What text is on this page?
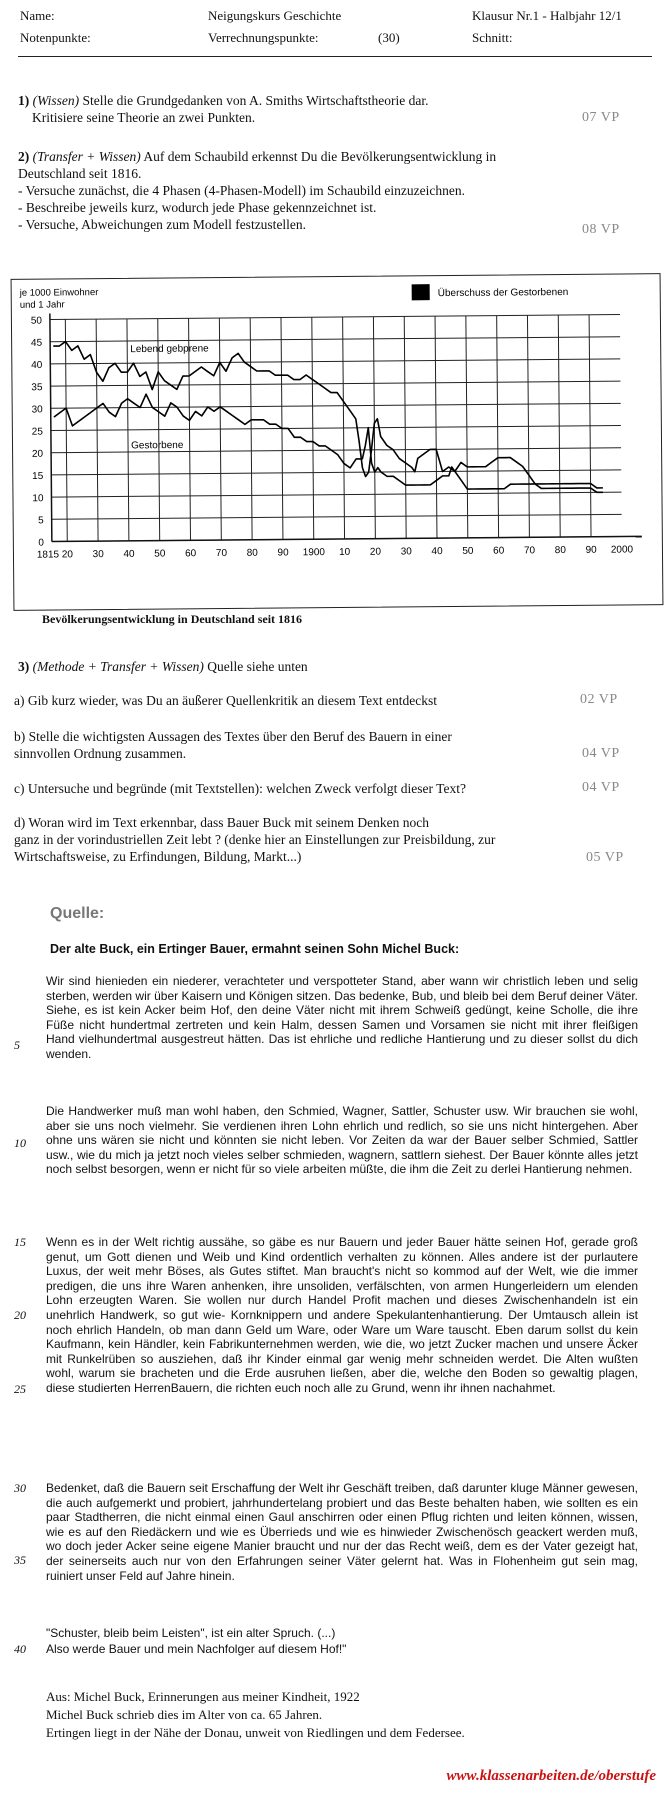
Name:	Neigungskurs Geschichte	Klausur Nr.1 - Halbjahr 12/1
Notenpunkte:	Verrechnungspunkte:	(30)	Schnitt:
1) (Wissen) Stelle die Grundgedanken von A. Smiths Wirtschaftstheorie dar.
Kritisiere seine Theorie an zwei Punkten.	07 VP
2) (Transfer + Wissen) Auf dem Schaubild erkennst Du die Bevölkerungsentwicklung in
Deutschland seit 1816.
- Versuche zunächst, die 4 Phasen (4-Phasen-Modell) im Schaubild einzuzeichnen.
- Beschreibe jeweils kurz, wodurch jede Phase gekennzeichnet ist.
- Versuche, Abweichungen zum Modell festzustellen.	08 VP
0
5
10
15
20
25
30
35
40
45
50
1815 20 30 40 50 60 70 80 90 1900 10 20 30 40 50 60 70 80 90 2000
je 1000 Einwohner
und 1 Jahr
Überschuss der Gestorbenen
Lebend gebprene
Gestorbene
Bevölkerungsentwicklung in Deutschland seit 1816
3) (Methode + Transfer + Wissen) Quelle siehe unten
a) Gib kurz wieder, was Du an äußerer Quellenkritik an diesem Text entdeckst	02 VP
b) Stelle die wichtigsten Aussagen des Textes über den Beruf des Bauern in einer
sinnvollen Ordnung zusammen.	04 VP
c) Untersuche und begründe (mit Textstellen): welchen Zweck verfolgt dieser Text?	04 VP
d) Woran wird im Text erkennbar, dass Bauer Buck mit seinem Denken noch
ganz in der vorindustriellen Zeit lebt ? (denke hier an Einstellungen zur Preisbildung, zur
Wirtschaftsweise, zu Erfindungen, Bildung, Markt...)	05 VP
Quelle:
Der alte Buck, ein Ertinger Bauer, ermahnt seinen Sohn Michel Buck:

Wir sind hienieden ein niederer, verachteter und verspotteter Stand, aber wann wir christlich leben und selig sterben, werden wir über Kaisern und Königen sitzen. Das bedenke, Bub, und bleib bei dem Beruf deiner Väter. Siehe, es ist kein Acker beim Hof, den deine Väter nicht mit ihrem Schweiß gedüngt, keine Scholle, die ihre Füße nicht hundertmal zertreten und kein Halm, dessen Samen und Vorsamen sie nicht mit ihrer fleißigen Hand vielhundertmal ausgestreut hätten. Das ist ehrliche und redliche Hantierung und zu dieser sollst du dich wenden.

Die Handwerker muß man wohl haben, den Schmied, Wagner, Sattler, Schuster usw. Wir brauchen sie wohl, aber sie uns noch vielmehr. Sie verdienen ihren Lohn ehrlich und redlich, so sie uns nicht hintergehen. Aber ohne uns wären sie nicht und könnten sie nicht leben. Vor Zeiten da war der Bauer selber Schmied, Sattler usw., wie du mich ja jetzt noch vieles selber schmieden, wagnern, sattlern siehest. Der Bauer könnte alles jetzt noch selbst besorgen, wenn er nicht für so viele arbeiten müßte, die ihm die Zeit zu derlei Hantierung nehmen.

Wenn es in der Welt richtig aussähe, so gäbe es nur Bauern und jeder Bauer hätte seinen Hof, gerade groß genut, um Gott dienen und Weib und Kind ordentlich verhalten zu können. Alles andere ist der purlautere Luxus, der weit mehr Böses, als Gutes stiftet. Man braucht's nicht so kommod auf der Welt, wie die immer predigen, die uns ihre Waren anhenken, ihre unsoliden, verfälschten, von armen Hungerleidern um elenden Lohn erzeugten Waren. Sie wollen nur durch Handel Profit machen und dieses Zwischenhandeln ist ein unehrlich Handwerk, so gut wie- Kornknippern und andere Spekulantenhantierung. Der Umtausch allein ist noch ehrlich Handeln, ob man dann Geld um Ware, oder Ware um Ware tauscht. Eben darum sollst du kein Kaufmann, kein Händler, kein Fabrikunternehmen werden, wie die, wo jetzt Zucker machen und unsere Äcker mit Runkelrüben so ausziehen, daß ihr Kinder einmal gar wenig mehr schneiden werdet. Die Alten wußten wohl, warum sie bracheten und die Erde ausruhen ließen, aber die, welche den Boden so gewaltig plagen, diese studierten HerrenBauern, die richten euch noch alle zu Grund, wenn ihr ihnen nachahmet.

Bedenket, daß die Bauern seit Erschaffung der Welt ihr Geschäft treiben, daß darunter kluge Männer gewesen, die auch aufgemerkt und probiert, jahrhundertelang probiert und das Beste behalten haben, wie sollten es ein paar Stadtherren, die nicht einmal einen Gaul anschirren oder einen Pflug richten und leiten können, wissen, wie es auf den Riedäckern und wie es Überrieds und wie es hinwieder Zwischenösch geackert werden muß, wo doch jeder Acker seine eigene Manier braucht und nur der das Recht weiß, dem es der Vater gezeigt hat, der seinerseits auch nur von den Erfahrungen seiner Väter gelernt hat. Was in Flohenheim gut sein mag, ruiniert unser Feld auf Jahre hinein.

"Schuster, bleib beim Leisten", ist ein alter Spruch. (...)

Also werde Bauer und mein Nachfolger auf diesem Hof!"

5
10
15
20
25
30
35
40
Aus: Michel Buck, Erinnerungen aus meiner Kindheit, 1922
Michel Buck schrieb dies im Alter von ca. 65 Jahren.
Ertingen liegt in der Nähe der Donau, unweit von Riedlingen und dem Federsee.
www.klassenarbeiten.de/oberstufe
